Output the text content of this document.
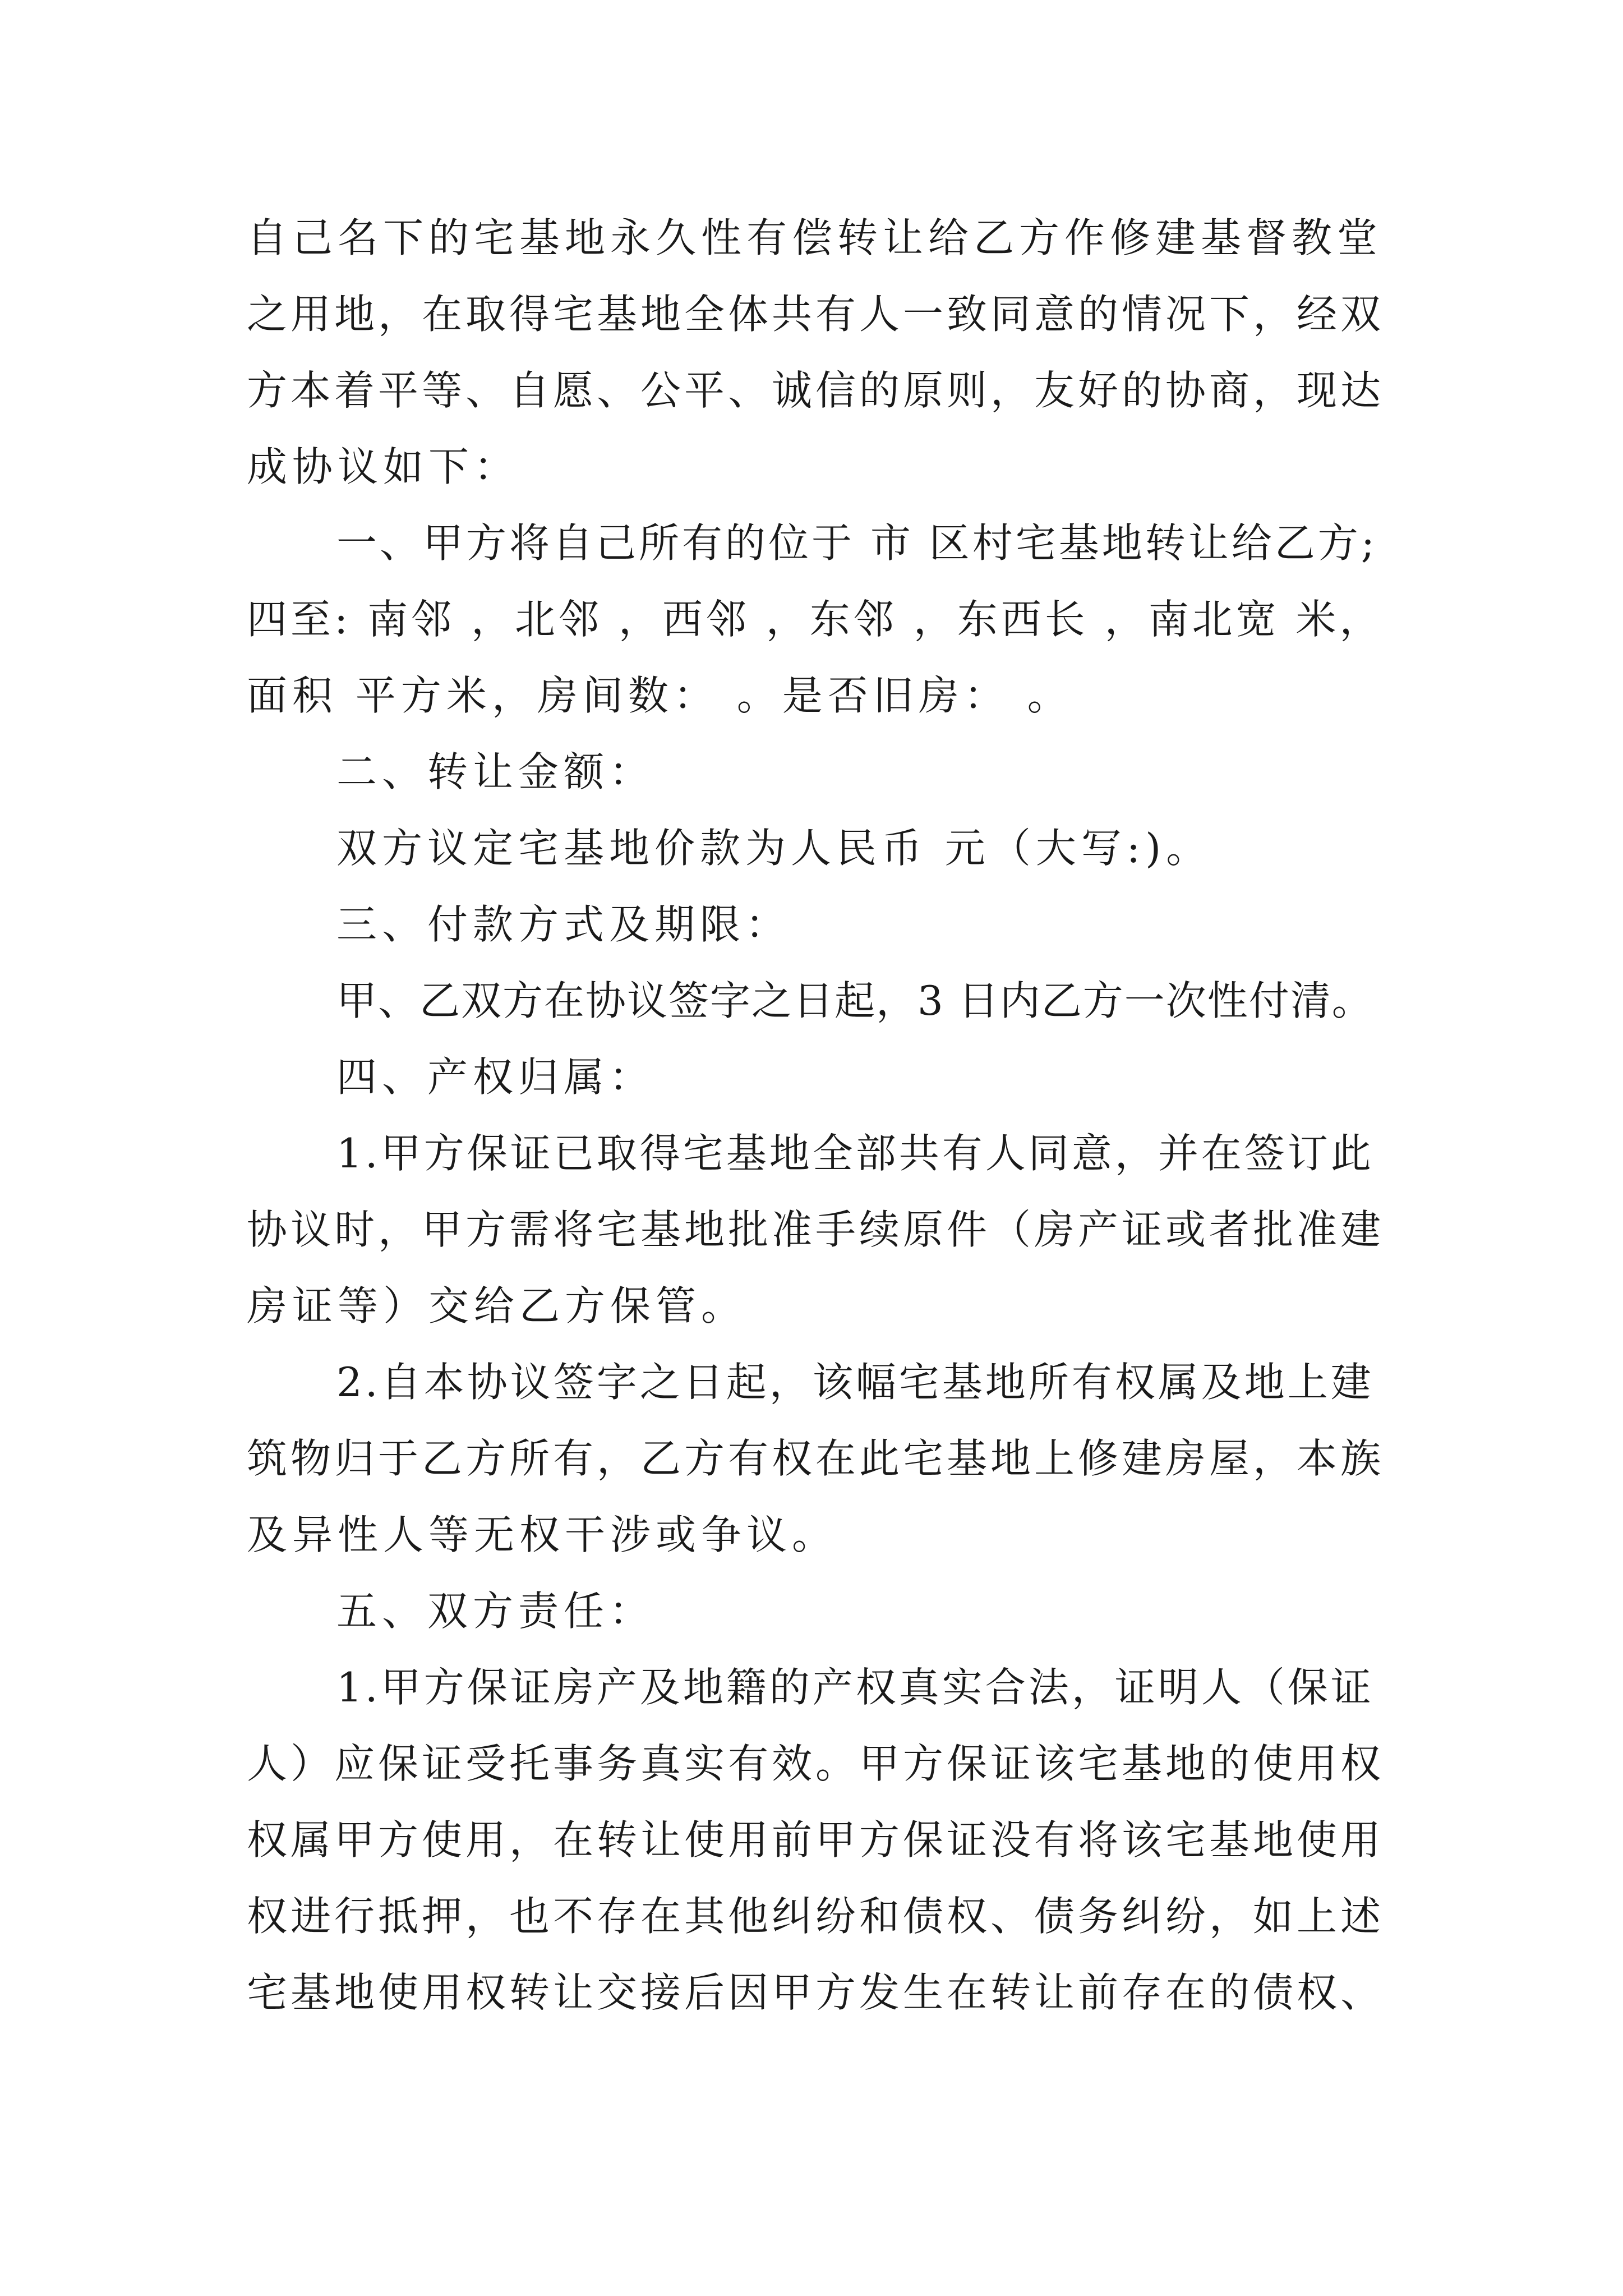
自己名下的宅基地永久性有偿转让给乙方作修建基督教堂
之用地，在取得宅基地全体共有人一致同意的情况下，经双
方本着平等、自愿、公平、诚信的原则，友好的协商，现达
成协议如下：
一、甲方将自己所有的位于 市 区村宅基地转让给乙方;
四至: 南邻 ，北邻 ，西邻 ，东邻 ，东西长 ，南北宽 米，
面积 平方米，房间数： 。是否旧房： 。
二、转让金额：
双方议定宅基地价款为人民币 元（大写:)。
三、付款方式及期限：
甲、乙双方在协议签字之日起，3 日内乙方一次性付清。
四、产权归属：
1.甲方保证已取得宅基地全部共有人同意，并在签订此
协议时，甲方需将宅基地批准手续原件（房产证或者批准建
房证等）交给乙方保管。
2.自本协议签字之日起，该幅宅基地所有权属及地上建
筑物归于乙方所有，乙方有权在此宅基地上修建房屋，本族
及异性人等无权干涉或争议。
五、双方责任：
1.甲方保证房产及地籍的产权真实合法，证明人（保证
人）应保证受托事务真实有效。甲方保证该宅基地的使用权
权属甲方使用，在转让使用前甲方保证没有将该宅基地使用
权进行抵押，也不存在其他纠纷和债权、债务纠纷，如上述
宅基地使用权转让交接后因甲方发生在转让前存在的债权、
